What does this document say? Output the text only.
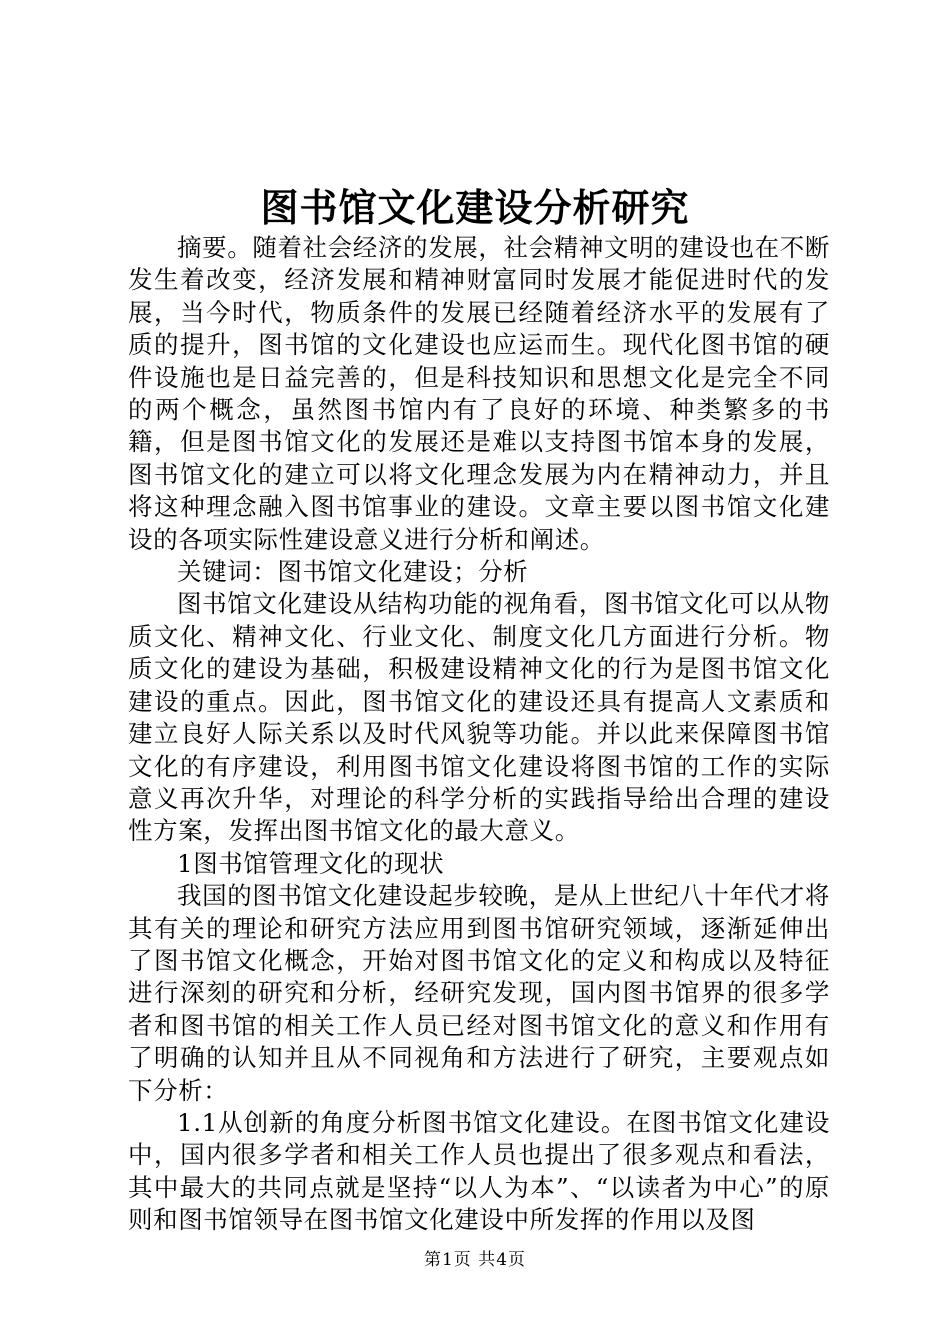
图书馆文化建设分析研究

摘要。随着社会经济的发展，社会精神文明的建设也在不断发生着改变，经济发展和精神财富同时发展才能促进时代的发展，当今时代，物质条件的发展已经随着经济水平的发展有了质的提升，图书馆的文化建设也应运而生。现代化图书馆的硬件设施也是日益完善的，但是科技知识和思想文化是完全不同的两个概念，虽然图书馆内有了良好的环境、种类繁多的书籍，但是图书馆文化的发展还是难以支持图书馆本身的发展，图书馆文化的建立可以将文化理念发展为内在精神动力，并且将这种理念融入图书馆事业的建设。文章主要以图书馆文化建设的各项实际性建设意义进行分析和阐述。

关键词：图书馆文化建设；分析

图书馆文化建设从结构功能的视角看，图书馆文化可以从物质文化、精神文化、行业文化、制度文化几方面进行分析。物质文化的建设为基础，积极建设精神文化的行为是图书馆文化建设的重点。因此，图书馆文化的建设还具有提高人文素质和建立良好人际关系以及时代风貌等功能。并以此来保障图书馆文化的有序建设，利用图书馆文化建设将图书馆的工作的实际意义再次升华，对理论的科学分析的实践指导给出合理的建设性方案，发挥出图书馆文化的最大意义。

1图书馆管理文化的现状

我国的图书馆文化建设起步较晚，是从上世纪八十年代才将其有关的理论和研究方法应用到图书馆研究领域，逐渐延伸出了图书馆文化概念，开始对图书馆文化的定义和构成以及特征进行深刻的研究和分析，经研究发现，国内图书馆界的很多学者和图书馆的相关工作人员已经对图书馆文化的意义和作用有了明确的认知并且从不同视角和方法进行了研究，主要观点如下分析：

1.1从创新的角度分析图书馆文化建设。在图书馆文化建设中，国内很多学者和相关工作人员也提出了很多观点和看法，其中最大的共同点就是坚持“以人为本”、“以读者为中心”的原则和图书馆领导在图书馆文化建设中所发挥的作用以及图

第1页 共4页
